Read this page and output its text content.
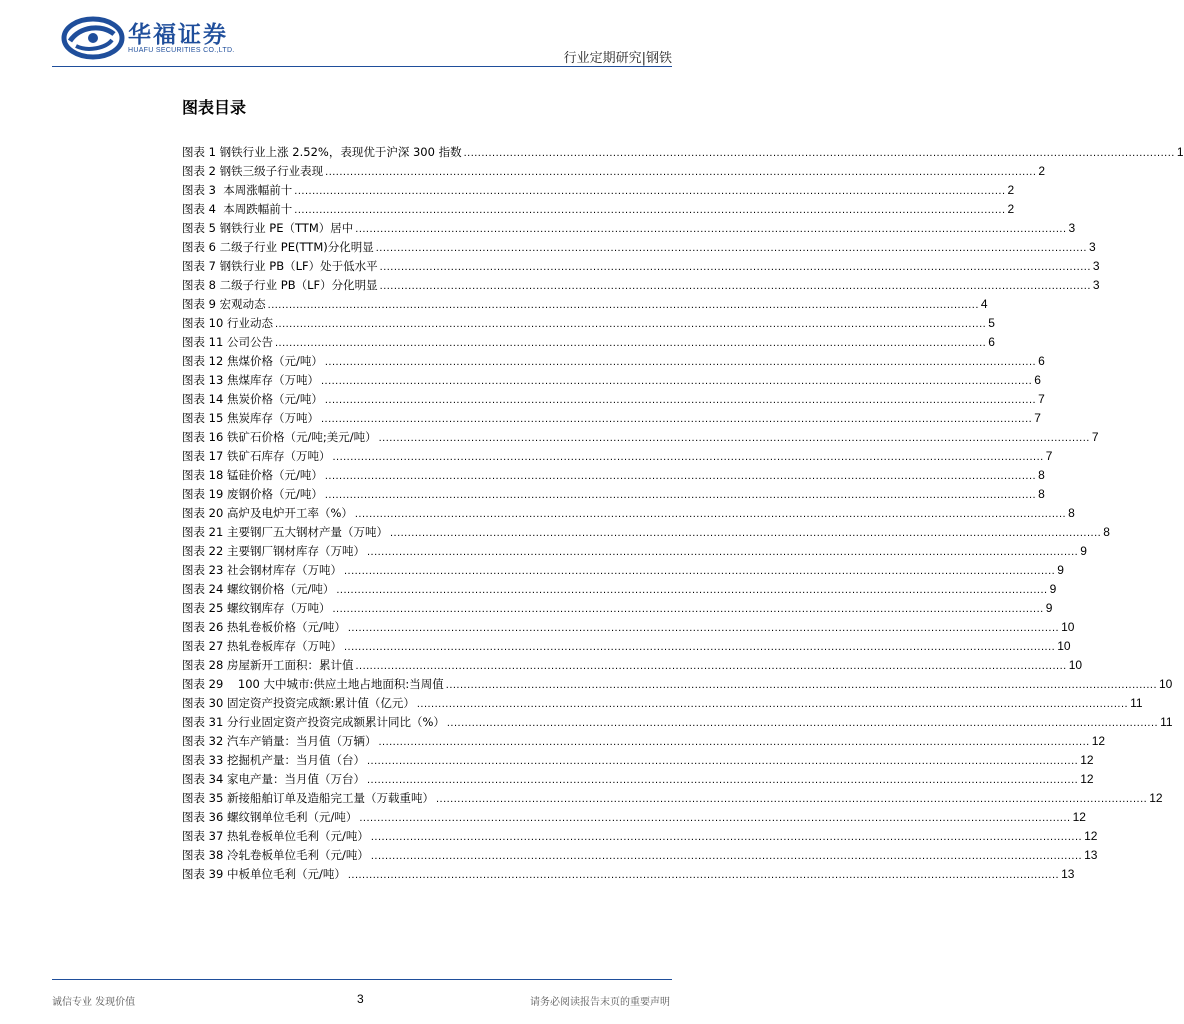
华福证券
HUAFU SECURITIES CO.,LTD.
行业定期研究|钢铁
图表目录
图表 1 钢铁行业上涨 2.52%，表现优于沪深 300 指数 ........................................................................................................................................................................................................ 1
图表 2 钢铁三级子行业表现 ........................................................................................................................................................................................................ 2
图表 3  本周涨幅前十 ........................................................................................................................................................................................................ 2
图表 4  本周跌幅前十 ........................................................................................................................................................................................................ 2
图表 5 钢铁行业 PE（TTM）居中 ........................................................................................................................................................................................................ 3
图表 6 二级子行业 PE(TTM)分化明显 ........................................................................................................................................................................................................ 3
图表 7 钢铁行业 PB（LF）处于低水平 ........................................................................................................................................................................................................ 3
图表 8 二级子行业 PB（LF）分化明显 ........................................................................................................................................................................................................ 3
图表 9 宏观动态 ........................................................................................................................................................................................................ 4
图表 10 行业动态 ........................................................................................................................................................................................................ 5
图表 11 公司公告 ........................................................................................................................................................................................................ 6
图表 12 焦煤价格（元/吨） ........................................................................................................................................................................................................ 6
图表 13 焦煤库存（万吨） ........................................................................................................................................................................................................ 6
图表 14 焦炭价格（元/吨） ........................................................................................................................................................................................................ 7
图表 15 焦炭库存（万吨） ........................................................................................................................................................................................................ 7
图表 16 铁矿石价格（元/吨;美元/吨） ........................................................................................................................................................................................................ 7
图表 17 铁矿石库存（万吨） ........................................................................................................................................................................................................ 7
图表 18 锰硅价格（元/吨） ........................................................................................................................................................................................................ 8
图表 19 废钢价格（元/吨） ........................................................................................................................................................................................................ 8
图表 20 高炉及电炉开工率（%） ........................................................................................................................................................................................................ 8
图表 21 主要钢厂五大钢材产量（万吨） ........................................................................................................................................................................................................ 8
图表 22 主要钢厂钢材库存（万吨） ........................................................................................................................................................................................................ 9
图表 23 社会钢材库存（万吨） ........................................................................................................................................................................................................ 9
图表 24 螺纹钢价格（元/吨） ........................................................................................................................................................................................................ 9
图表 25 螺纹钢库存（万吨） ........................................................................................................................................................................................................ 9
图表 26 热轧卷板价格（元/吨） ........................................................................................................................................................................................................ 10
图表 27 热轧卷板库存（万吨） ........................................................................................................................................................................................................ 10
图表 28 房屋新开工面积：累计值 ........................................................................................................................................................................................................ 10
图表 29    100 大中城市:供应土地占地面积:当周值 ........................................................................................................................................................................................................ 10
图表 30 固定资产投资完成额:累计值（亿元） ........................................................................................................................................................................................................ 11
图表 31 分行业固定资产投资完成额累计同比（%） ........................................................................................................................................................................................................ 11
图表 32 汽车产销量：当月值（万辆） ........................................................................................................................................................................................................ 12
图表 33 挖掘机产量：当月值（台） ........................................................................................................................................................................................................ 12
图表 34 家电产量：当月值（万台） ........................................................................................................................................................................................................ 12
图表 35 新接船舶订单及造船完工量（万载重吨） ........................................................................................................................................................................................................ 12
图表 36 螺纹钢单位毛利（元/吨） ........................................................................................................................................................................................................ 12
图表 37 热轧卷板单位毛利（元/吨） ........................................................................................................................................................................................................ 12
图表 38 冷轧卷板单位毛利（元/吨） ........................................................................................................................................................................................................ 13
图表 39 中板单位毛利（元/吨） ........................................................................................................................................................................................................ 13
诚信专业 发现价值	3	请务必阅读报告末页的重要声明
